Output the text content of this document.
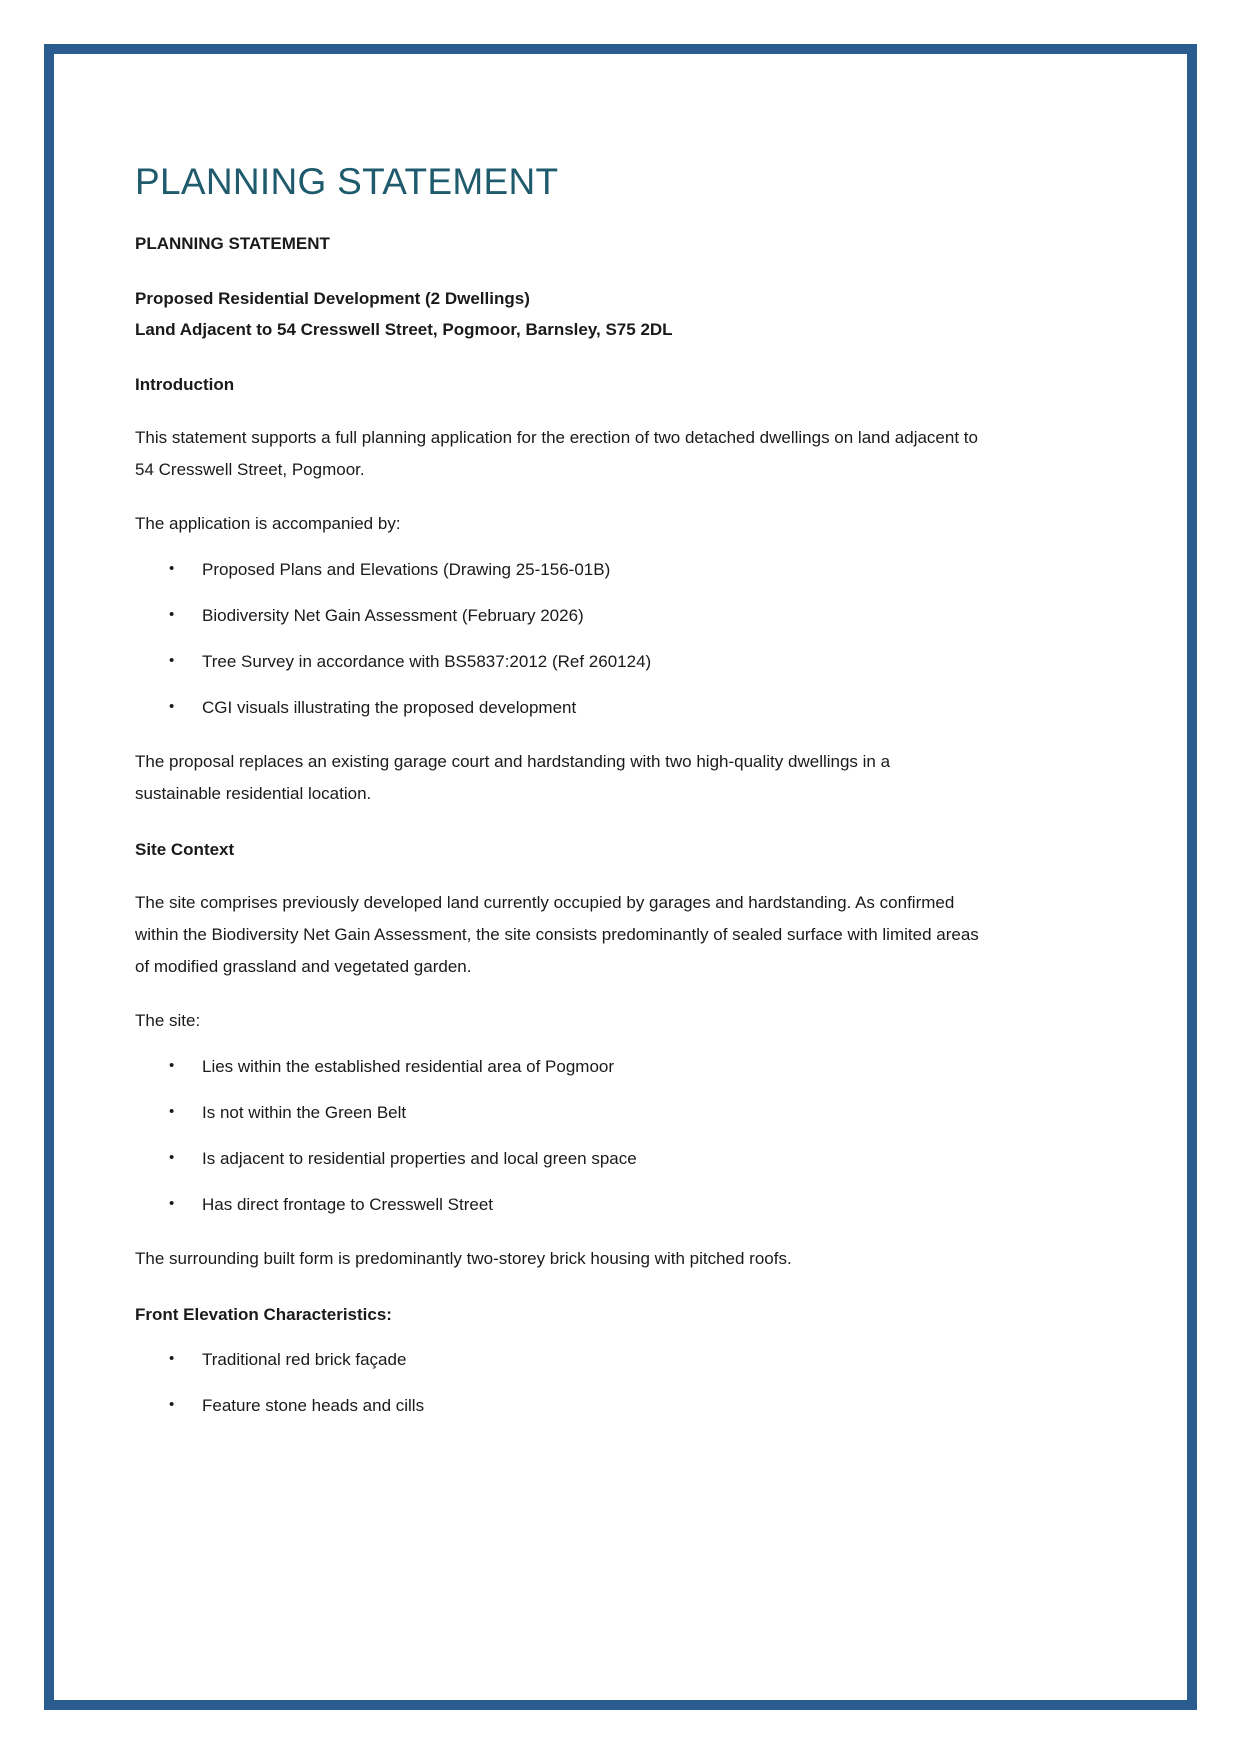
PLANNING STATEMENT

PLANNING STATEMENT

Proposed Residential Development (2 Dwellings)
Land Adjacent to 54 Cresswell Street, Pogmoor, Barnsley, S75 2DL

Introduction

This statement supports a full planning application for the erection of two detached dwellings on land adjacent to 54 Cresswell Street, Pogmoor.

The application is accompanied by:

• Proposed Plans and Elevations (Drawing 25-156-01B)
• Biodiversity Net Gain Assessment (February 2026)
• Tree Survey in accordance with BS5837:2012 (Ref 260124)
• CGI visuals illustrating the proposed development

The proposal replaces an existing garage court and hardstanding with two high-quality dwellings in a sustainable residential location.

Site Context

The site comprises previously developed land currently occupied by garages and hardstanding. As confirmed within the Biodiversity Net Gain Assessment, the site consists predominantly of sealed surface with limited areas of modified grassland and vegetated garden.

The site:

• Lies within the established residential area of Pogmoor
• Is not within the Green Belt
• Is adjacent to residential properties and local green space
• Has direct frontage to Cresswell Street

The surrounding built form is predominantly two-storey brick housing with pitched roofs.

Front Elevation Characteristics:

• Traditional red brick façade
• Feature stone heads and cills
